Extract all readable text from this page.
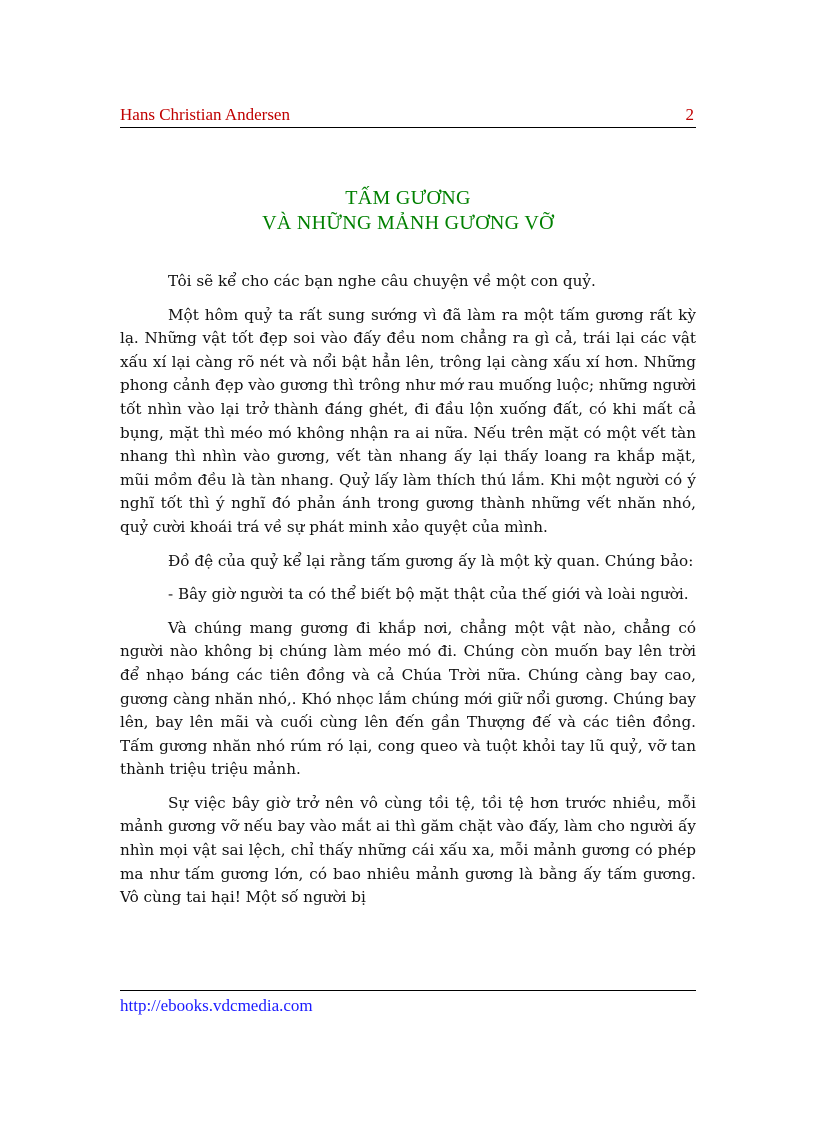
Hans Christian Andersen	2
TẤM GƯƠNG
VÀ NHỮNG MẢNH GƯƠNG VỠ

Tôi sẽ kể cho các bạn nghe câu chuyện về một con quỷ.

Một hôm quỷ ta rất sung sướng vì đã làm ra một tấm gương rất kỳ lạ. Những vật tốt đẹp soi vào đấy đều nom chẳng ra gì cả, trái lại các vật xấu xí lại càng rõ nét và nổi bật hẳn lên, trông lại càng xấu xí hơn. Những phong cảnh đẹp vào gương thì trông như mớ rau muống luộc; những người tốt nhìn vào lại trở thành đáng ghét, đi đầu lộn xuống đất, có khi mất cả bụng, mặt thì méo mó không nhận ra ai nữa. Nếu trên mặt có một vết tàn nhang thì nhìn vào gương, vết tàn nhang ấy lại thấy loang ra khắp mặt, mũi mồm đều là tàn nhang. Quỷ lấy làm thích thú lắm. Khi một người có ý nghĩ tốt thì ý nghĩ đó phản ánh trong gương thành những vết nhăn nhó, quỷ cười khoái trá về sự phát minh xảo quyệt của mình.

Đồ đệ của quỷ kể lại rằng tấm gương ấy là một kỳ quan. Chúng bảo:

- Bây giờ người ta có thể biết bộ mặt thật của thế giới và loài người.

Và chúng mang gương đi khắp nơi, chẳng một vật nào, chẳng có người nào không bị chúng làm méo mó đi. Chúng còn muốn bay lên trời để nhạo báng các tiên đồng và cả Chúa Trời nữa. Chúng càng bay cao, gương càng nhăn nhó,. Khó nhọc lắm chúng mới giữ nổi gương. Chúng bay lên, bay lên mãi và cuối cùng lên đến gần Thượng đế và các tiên đồng. Tấm gương nhăn nhó rúm ró lại, cong queo và tuột khỏi tay lũ quỷ, vỡ tan thành triệu triệu mảnh.

Sự việc bây giờ trở nên vô cùng tồi tệ, tồi tệ hơn trước nhiều, mỗi mảnh gương vỡ nếu bay vào mắt ai thì găm chặt vào đấy, làm cho người ấy nhìn mọi vật sai lệch, chỉ thấy những cái xấu xa, mỗi mảnh gương có phép ma như tấm gương lớn, có bao nhiêu mảnh gương là bằng ấy tấm gương. Vô cùng tai hại! Một số người bị

http://ebooks.vdcmedia.com
